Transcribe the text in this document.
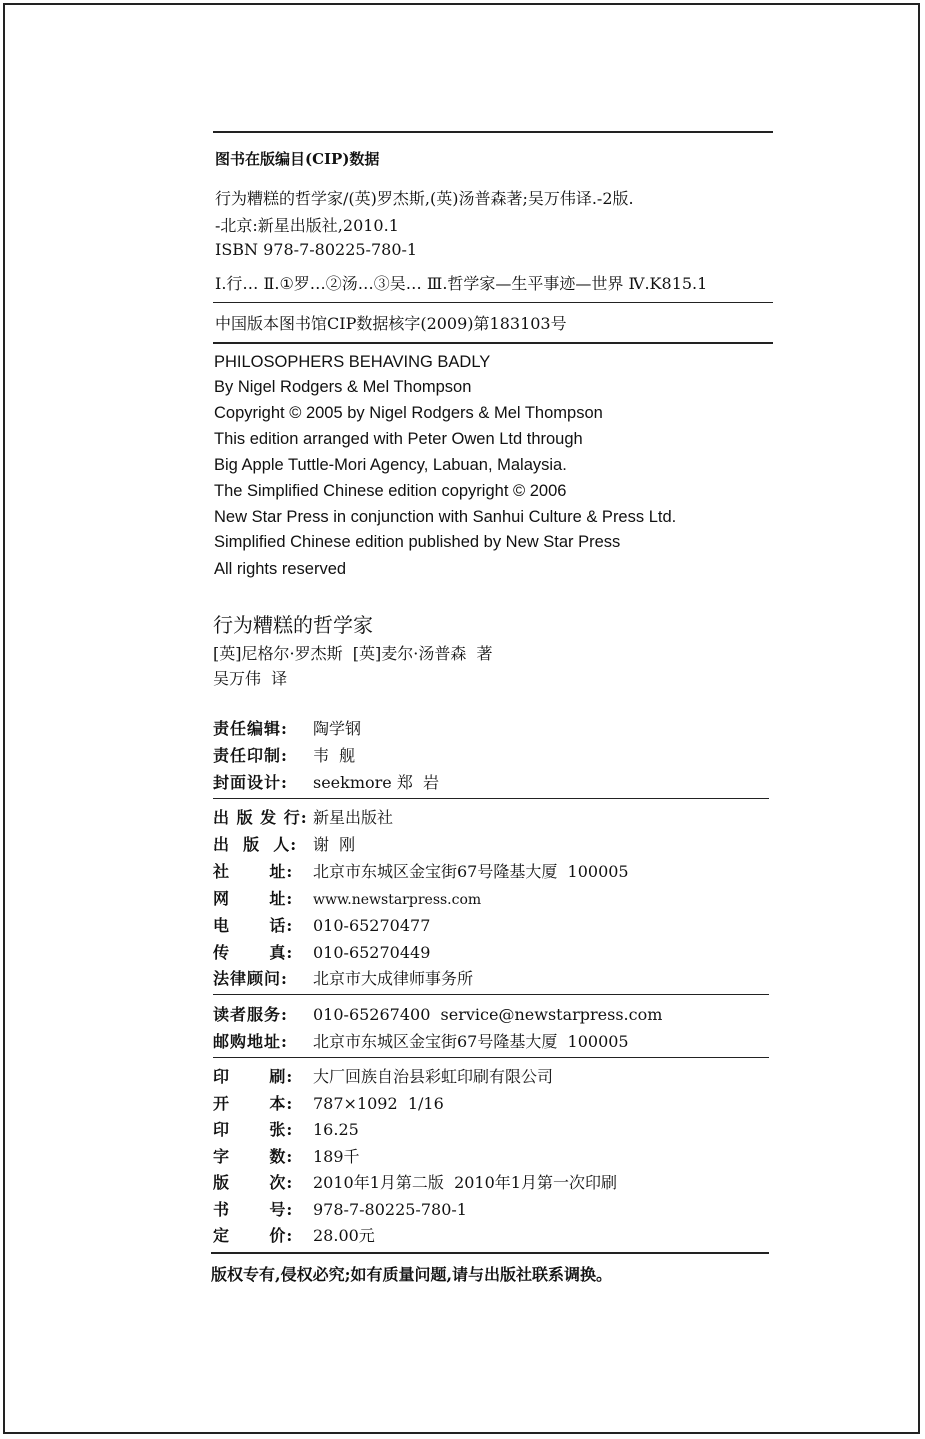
图书在版编目(CIP)数据
行为糟糕的哲学家/(英)罗杰斯,(英)汤普森著;吴万伟译.-2版.
-北京:新星出版社,2010.1
ISBN 978-7-80225-780-1
Ⅰ.行… Ⅱ.①罗…②汤…③吴… Ⅲ.哲学家—生平事迹—世界 Ⅳ.K815.1
中国版本图书馆CIP数据核字(2009)第183103号
PHILOSOPHERS BEHAVING BADLY
By Nigel Rodgers & Mel Thompson
Copyright © 2005 by Nigel Rodgers & Mel Thompson
This edition arranged with Peter Owen Ltd through
Big Apple Tuttle-Mori Agency, Labuan, Malaysia.
The Simplified Chinese edition copyright © 2006
New Star Press in conjunction with Sanhui Culture & Press Ltd.
Simplified Chinese edition published by New Star Press
All rights reserved
行为糟糕的哲学家
[英]尼格尔·罗杰斯  [英]麦尔·汤普森  著
吴万伟  译
责任编辑: 陶学钢
责任印制: 韦  舰
封面设计: seekmore 郑  岩
出 版 发 行: 新星出版社
出  版  人: 谢  刚
社      址: 北京市东城区金宝街67号隆基大厦  100005
网      址: www.newstarpress.com
电      话: 010-65270477
传      真: 010-65270449
法律顾问: 北京市大成律师事务所
读者服务: 010-65267400  service@newstarpress.com
邮购地址: 北京市东城区金宝街67号隆基大厦  100005
印      刷: 大厂回族自治县彩虹印刷有限公司
开      本: 787×1092  1/16
印      张: 16.25
字      数: 189千
版      次: 2010年1月第二版  2010年1月第一次印刷
书      号: 978-7-80225-780-1
定      价: 28.00元
版权专有,侵权必究;如有质量问题,请与出版社联系调换。
